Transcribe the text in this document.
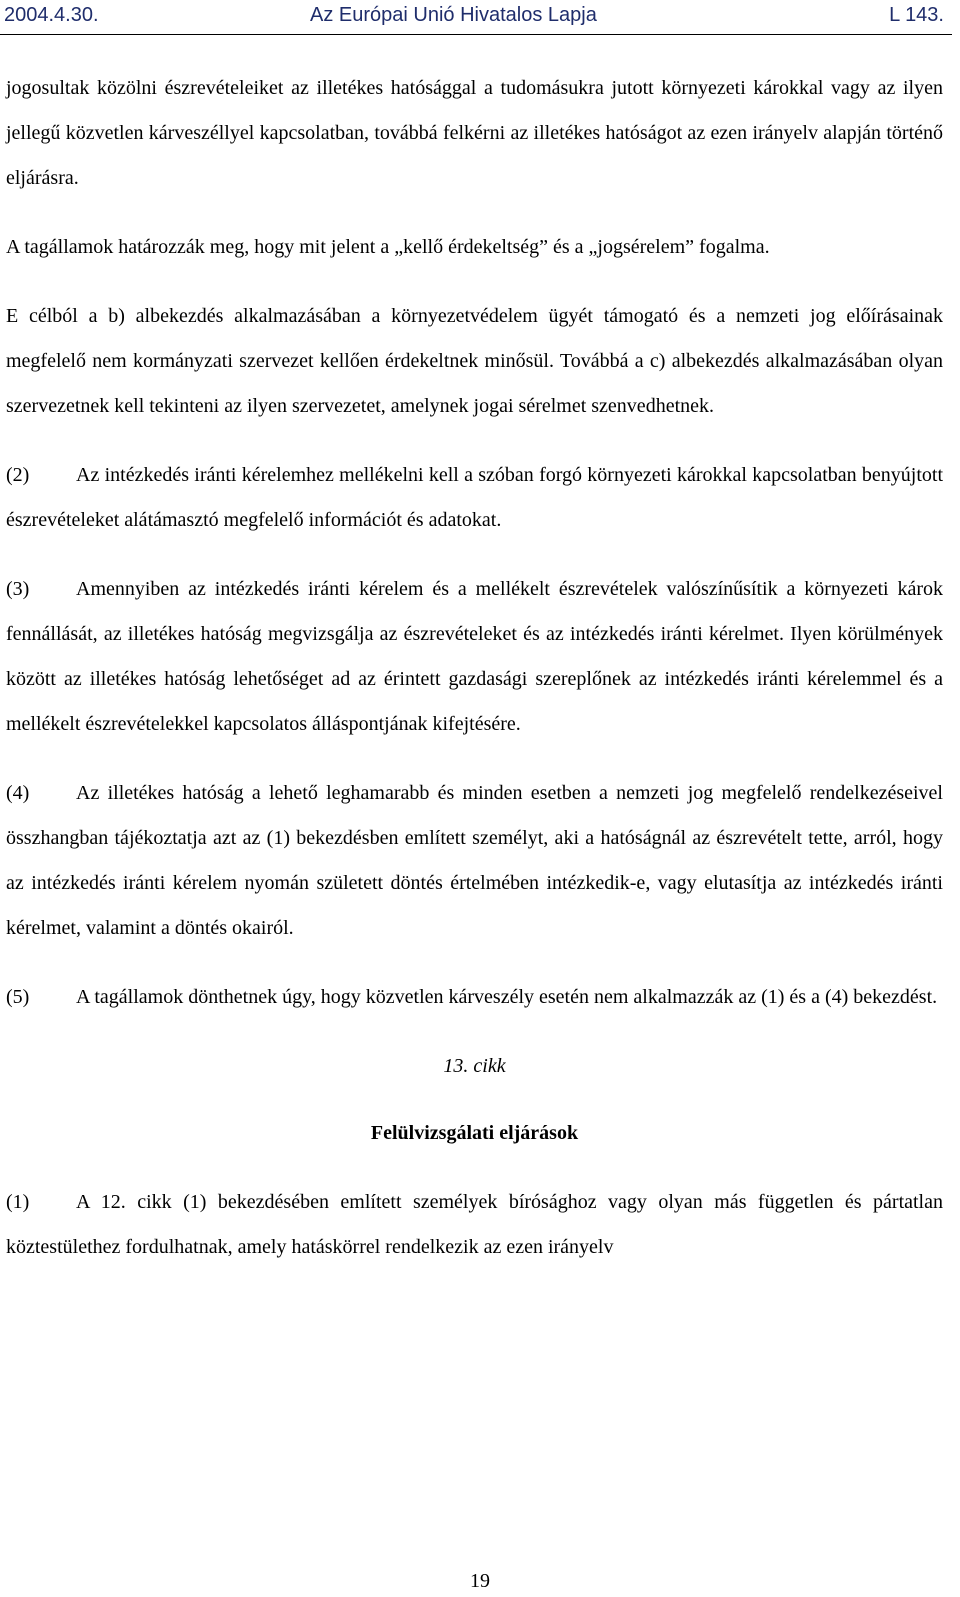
2004.4.30.	Az Európai Unió Hivatalos Lapja	L 143.

jogosultak közölni észrevételeiket az illetékes hatósággal a tudomásukra jutott környezeti károkkal vagy az ilyen jellegű közvetlen kárveszéllyel kapcsolatban, továbbá felkérni az illetékes hatóságot az ezen irányelv alapján történő eljárásra.

A tagállamok határozzák meg, hogy mit jelent a „kellő érdekeltség” és a „jogsérelem” fogalma.

E célból a b) albekezdés alkalmazásában a környezetvédelem ügyét támogató és a nemzeti jog előírásainak megfelelő nem kormányzati szervezet kellően érdekeltnek minősül. Továbbá a c) albekezdés alkalmazásában olyan szervezetnek kell tekinteni az ilyen szervezetet, amelynek jogai sérelmet szenvedhetnek.

(2) Az intézkedés iránti kérelemhez mellékelni kell a szóban forgó környezeti károkkal kapcsolatban benyújtott észrevételeket alátámasztó megfelelő információt és adatokat.

(3) Amennyiben az intézkedés iránti kérelem és a mellékelt észrevételek valószínűsítik a környezeti károk fennállását, az illetékes hatóság megvizsgálja az észrevételeket és az intézkedés iránti kérelmet. Ilyen körülmények között az illetékes hatóság lehetőséget ad az érintett gazdasági szereplőnek az intézkedés iránti kérelemmel és a mellékelt észrevételekkel kapcsolatos álláspontjának kifejtésére.

(4) Az illetékes hatóság a lehető leghamarabb és minden esetben a nemzeti jog megfelelő rendelkezéseivel összhangban tájékoztatja azt az (1) bekezdésben említett személyt, aki a hatóságnál az észrevételt tette, arról, hogy az intézkedés iránti kérelem nyomán született döntés értelmében intézkedik-e, vagy elutasítja az intézkedés iránti kérelmet, valamint a döntés okairól.

(5) A tagállamok dönthetnek úgy, hogy közvetlen kárveszély esetén nem alkalmazzák az (1) és a (4) bekezdést.

13. cikk
Felülvizsgálati eljárások

(1) A 12. cikk (1) bekezdésében említett személyek bírósághoz vagy olyan más független és pártatlan köztestülethez fordulhatnak, amely hatáskörrel rendelkezik az ezen irányelv

19
